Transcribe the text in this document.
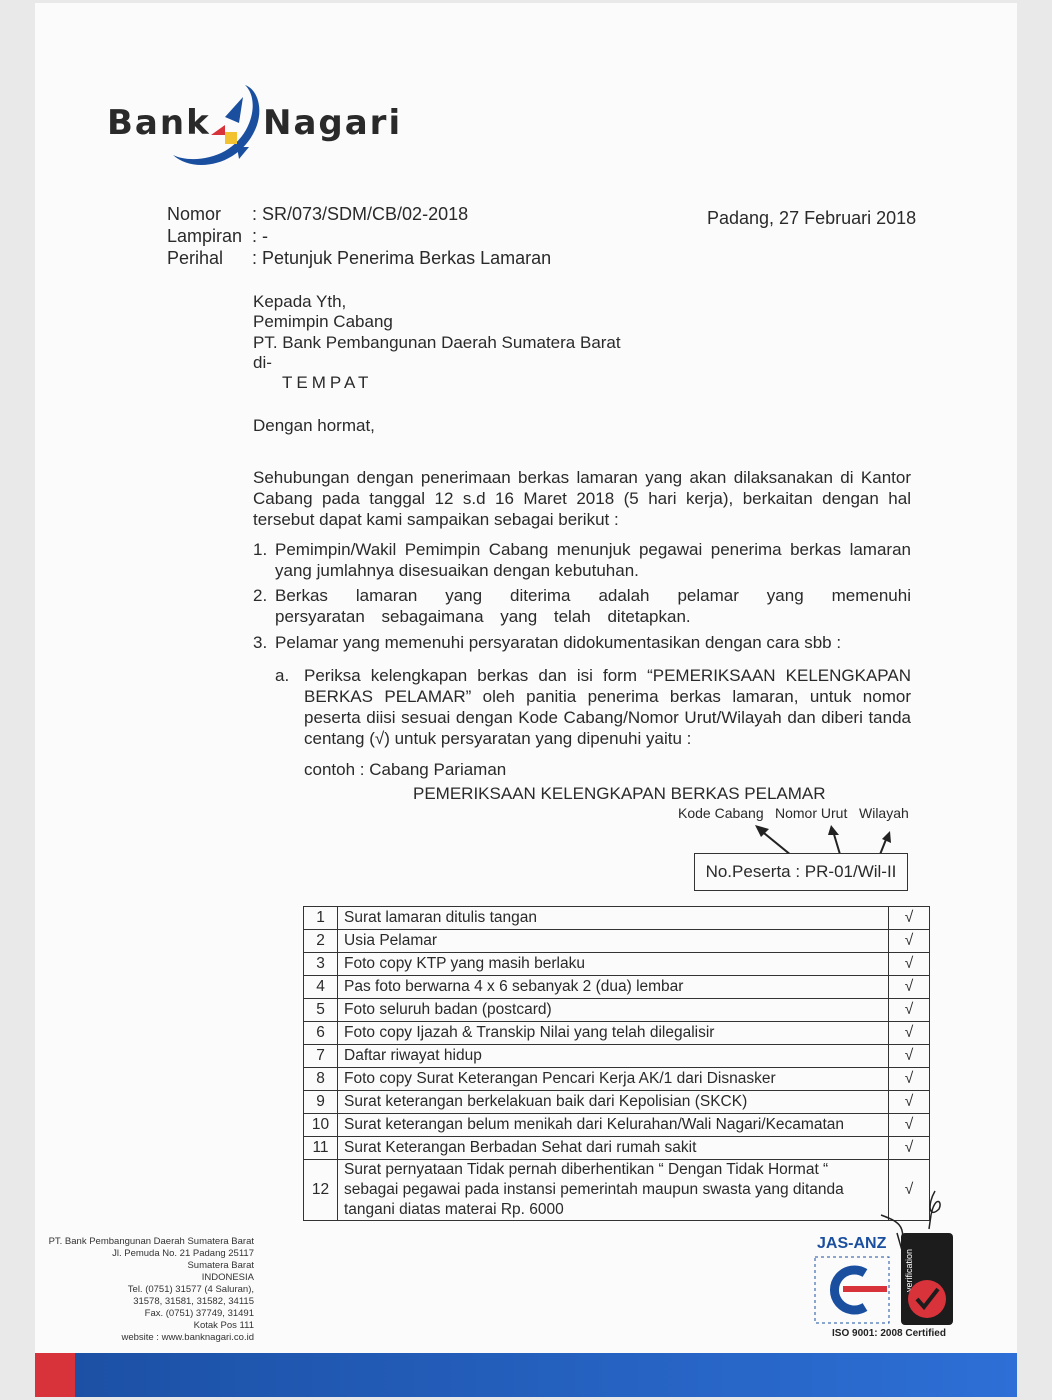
Bank Nagari
Nomor : SR/073/SDM/CB/02-2018
Lampiran : -
Perihal : Petunjuk Penerima Berkas Lamaran
Padang, 27 Februari 2018
Kepada Yth,
Pemimpin Cabang
PT. Bank Pembangunan Daerah Sumatera Barat
di-
TEMPAT
Dengan hormat,
Sehubungan dengan penerimaan berkas lamaran yang akan dilaksanakan di Kantor Cabang pada tanggal 12 s.d 16 Maret 2018 (5 hari kerja), berkaitan dengan hal tersebut dapat kami sampaikan sebagai berikut :
1. Pemimpin/Wakil Pemimpin Cabang menunjuk pegawai penerima berkas lamaran yang jumlahnya disesuaikan dengan kebutuhan.
2. Berkas lamaran yang diterima adalah pelamar yang memenuhi persyaratan sebagaimana yang telah ditetapkan.
3. Pelamar yang memenuhi persyaratan didokumentasikan dengan cara sbb :
a. Periksa kelengkapan berkas dan isi form “PEMERIKSAAN KELENGKAPAN BERKAS PELAMAR” oleh panitia penerima berkas lamaran, untuk nomor peserta diisi sesuai dengan Kode Cabang/Nomor Urut/Wilayah dan diberi tanda centang (√) untuk persyaratan yang dipenuhi yaitu :
contoh : Cabang Pariaman
PEMERIKSAAN KELENGKAPAN BERKAS PELAMAR
Kode Cabang Nomor Urut Wilayah
No.Peserta : PR-01/Wil-II
1	Surat lamaran ditulis tangan	√
2	Usia Pelamar	√
3	Foto copy KTP yang masih berlaku	√
4	Pas foto berwarna 4 x 6 sebanyak 2 (dua) lembar	√
5	Foto seluruh badan (postcard)	√
6	Foto copy Ijazah & Transkip Nilai yang telah dilegalisir	√
7	Daftar riwayat hidup	√
8	Foto copy Surat Keterangan Pencari Kerja AK/1 dari Disnasker	√
9	Surat keterangan berkelakuan baik dari Kepolisian (SKCK)	√
10	Surat keterangan belum menikah dari Kelurahan/Wali Nagari/Kecamatan	√
11	Surat Keterangan Berbadan Sehat dari rumah sakit	√
12	Surat pernyataan Tidak pernah diberhentikan “ Dengan Tidak Hormat “ sebagai pegawai pada instansi pemerintah maupun swasta yang ditanda tangani diatas materai Rp. 6000	√
PT. Bank Pembangunan Daerah Sumatera Barat
Jl. Pemuda No. 21 Padang 25117
Sumatera Barat
INDONESIA
Tel. (0751) 31577 (4 Saluran),
31578, 31581, 31582, 34115
Fax. (0751) 37749, 31491
Kotak Pos 111
website : www.banknagari.co.id
JAS-ANZ
verification
ISO 9001: 2008 Certified
